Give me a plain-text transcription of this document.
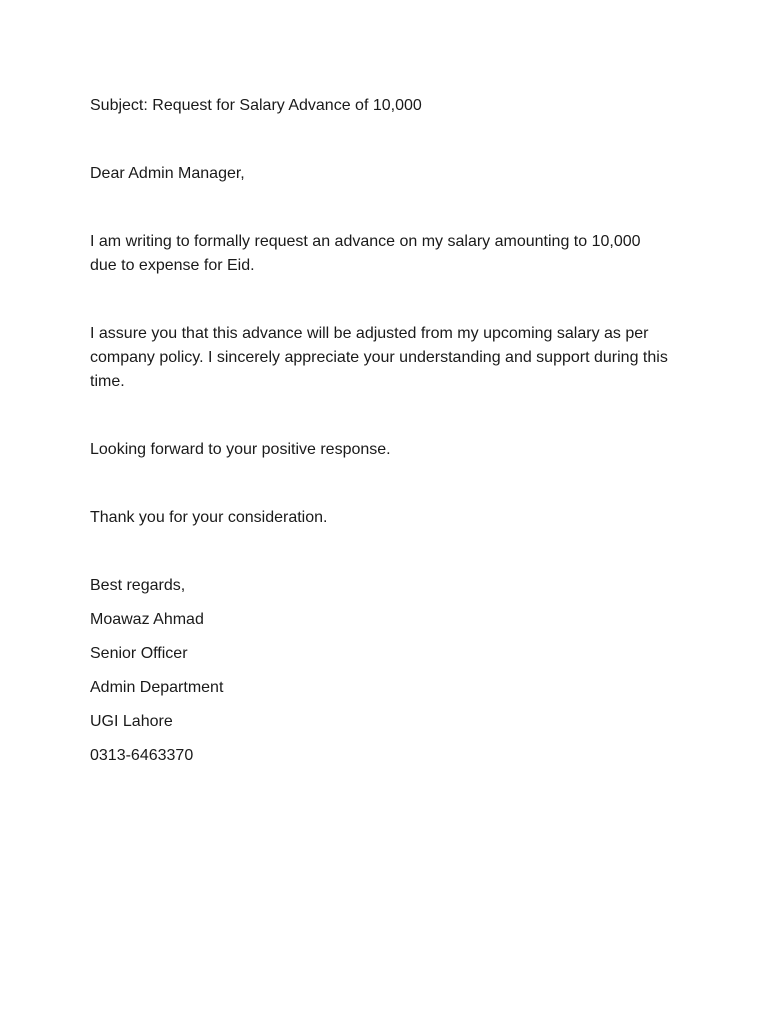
Subject: Request for Salary Advance of 10,000

Dear Admin Manager,

I am writing to formally request an advance on my salary amounting to 10,000

due to expense for Eid.

I assure you that this advance will be adjusted from my upcoming salary as per

company policy. I sincerely appreciate your understanding and support during this

time.

Looking forward to your positive response.

Thank you for your consideration.

Best regards,

Moawaz Ahmad

Senior Officer

Admin Department

UGI Lahore

0313-6463370
